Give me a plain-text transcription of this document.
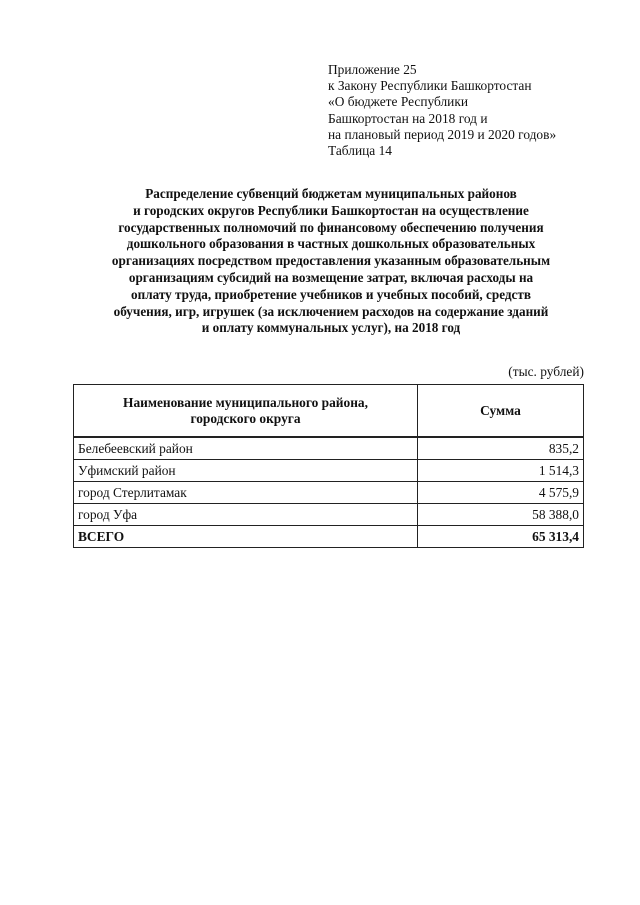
Приложение 25
к Закону Республики Башкортостан
«О бюджете Республики
Башкортостан на 2018 год и
на плановый период 2019 и 2020 годов»
Таблица 14
Распределение субвенций бюджетам муниципальных районов
и городских округов Республики Башкортостан на осуществление
государственных полномочий по финансовому обеспечению получения
дошкольного образования в частных дошкольных образовательных
организациях посредством предоставления указанным образовательным
организациям субсидий на возмещение затрат, включая расходы на
оплату труда, приобретение учебников и учебных пособий, средств
обучения, игр, игрушек (за исключением расходов на содержание зданий
и оплату коммунальных услуг), на 2018 год
(тыс. рублей)
Наименование муниципального района,
городского округа	Сумма
Белебеевский район	835,2
Уфимский район	1 514,3
город Стерлитамак	4 575,9
город Уфа	58 388,0
ВСЕГО	65 313,4
